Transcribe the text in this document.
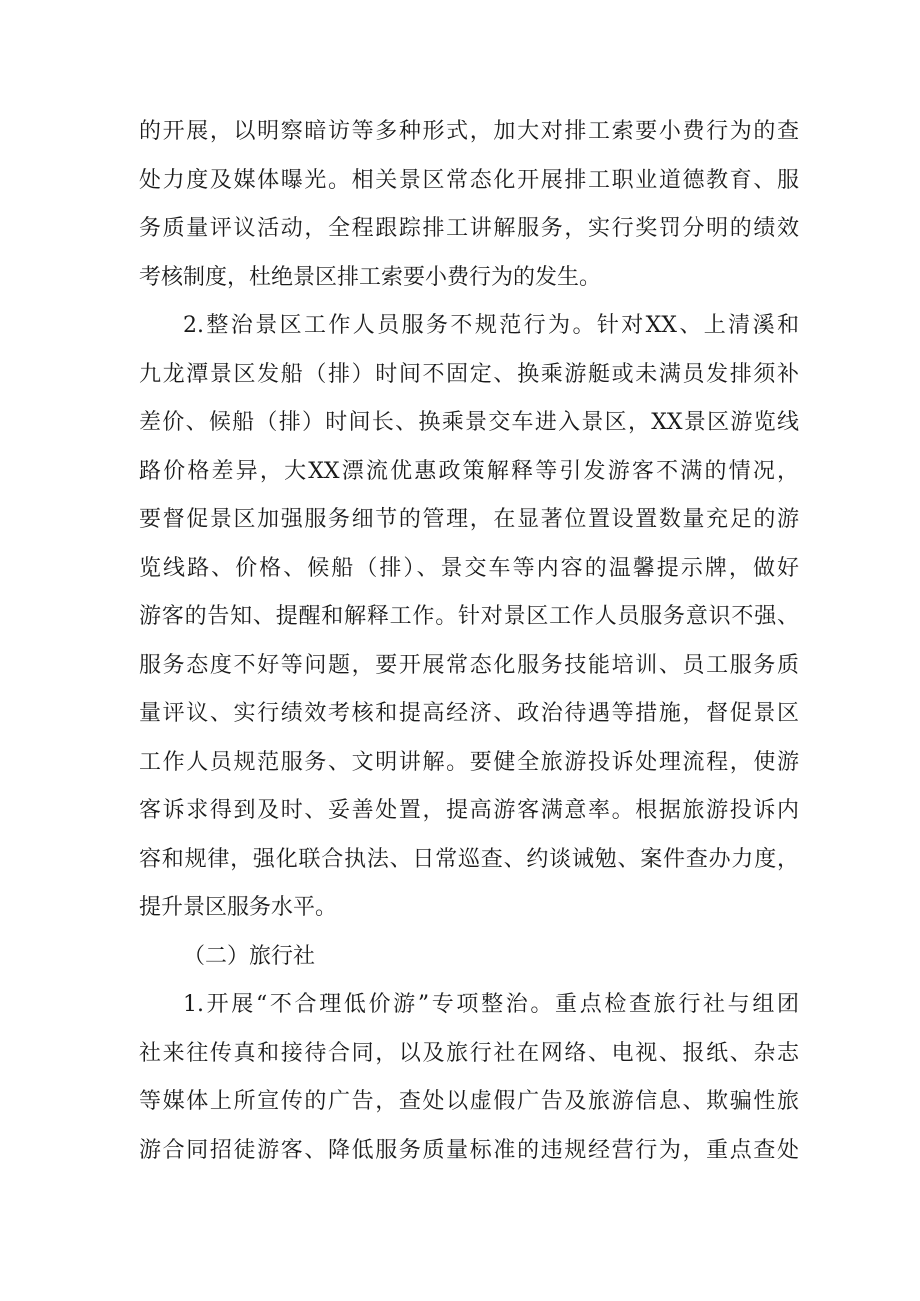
的开展，以明察暗访等多种形式，加大对排工索要小费行为的查
处力度及媒体曝光。相关景区常态化开展排工职业道德教育、服
务质量评议活动，全程跟踪排工讲解服务，实行奖罚分明的绩效
考核制度，杜绝景区排工索要小费行为的发生。
2.整治景区工作人员服务不规范行为。针对XX、上清溪和
九龙潭景区发船（排）时间不固定、换乘游艇或未满员发排须补
差价、候船（排）时间长、换乘景交车进入景区，XX景区游览线
路价格差异，大XX漂流优惠政策解释等引发游客不满的情况，
要督促景区加强服务细节的管理，在显著位置设置数量充足的游
览线路、价格、候船（排）、景交车等内容的温馨提示牌，做好
游客的告知、提醒和解释工作。针对景区工作人员服务意识不强、
服务态度不好等问题，要开展常态化服务技能培训、员工服务质
量评议、实行绩效考核和提高经济、政治待遇等措施，督促景区
工作人员规范服务、文明讲解。要健全旅游投诉处理流程，使游
客诉求得到及时、妥善处置，提高游客满意率。根据旅游投诉内
容和规律，强化联合执法、日常巡查、约谈诫勉、案件查办力度，
提升景区服务水平。
（二）旅行社
1.开展“不合理低价游”专项整治。重点检查旅行社与组团
社来往传真和接待合同，以及旅行社在网络、电视、报纸、杂志
等媒体上所宣传的广告，查处以虚假广告及旅游信息、欺骗性旅
游合同招徒游客、降低服务质量标准的违规经营行为，重点查处
